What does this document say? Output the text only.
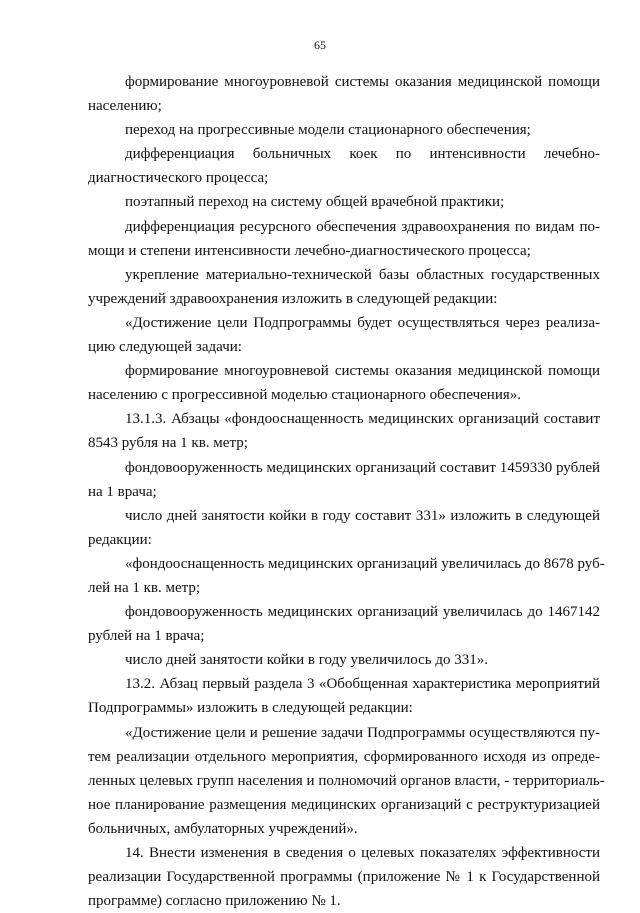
65
формирование многоуровневой системы оказания медицинской помощи
населению;
переход на прогрессивные модели стационарного обеспечения;
дифференциация больничных коек по интенсивности лечебно-
диагностического процесса;
поэтапный переход на систему общей врачебной практики;
дифференциация ресурсного обеспечения здравоохранения по видам по-
мощи и степени интенсивности лечебно-диагностического процесса;
укрепление материально-технической базы областных государственных
учреждений здравоохранения изложить в следующей редакции:
«Достижение цели Подпрограммы будет осуществляться через реализа-
цию следующей задачи:
формирование многоуровневой системы оказания медицинской помощи
населению с прогрессивной моделью стационарного обеспечения».
13.1.3. Абзацы «фондооснащенность медицинских организаций составит
8543 рубля на 1 кв. метр;
фондовооруженность медицинских организаций составит 1459330 рублей
на 1 врача;
число дней занятости койки в году составит 331» изложить в следующей
редакции:
«фондооснащенность медицинских организаций увеличилась до 8678 руб-
лей на 1 кв. метр;
фондовооруженность медицинских организаций увеличилась до 1467142
рублей на 1 врача;
число дней занятости койки в году увеличилось до 331».
13.2. Абзац первый раздела 3 «Обобщенная характеристика мероприятий
Подпрограммы» изложить в следующей редакции:
«Достижение цели и решение задачи Подпрограммы осуществляются пу-
тем реализации отдельного мероприятия, сформированного исходя из опреде-
ленных целевых групп населения и полномочий органов власти, - территориаль-
ное планирование размещения медицинских организаций с реструктуризацией
больничных, амбулаторных учреждений».
14. Внести изменения в сведения о целевых показателях эффективности
реализации Государственной программы (приложение № 1 к Государственной
программе) согласно приложению № 1.
